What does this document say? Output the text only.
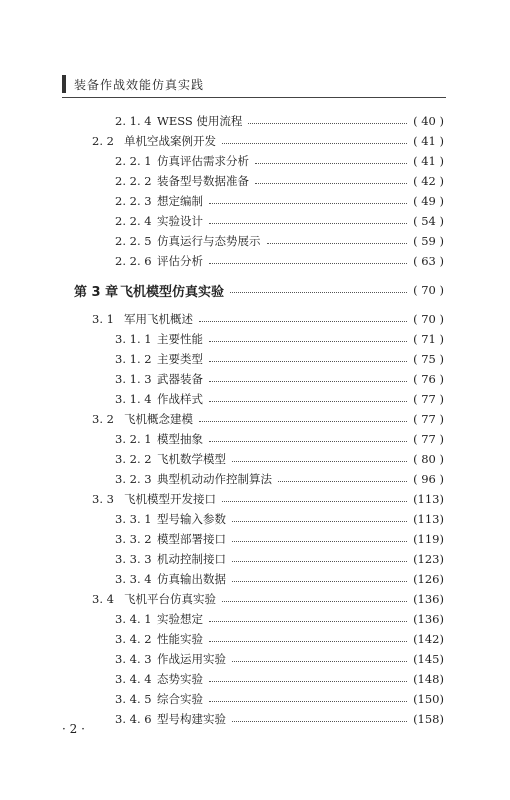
装备作战效能仿真实践
2. 1. 4 WESS 使用流程	( 40 )
2. 2 单机空战案例开发	( 41 )
2. 2. 1 仿真评估需求分析	( 41 )
2. 2. 2 装备型号数据准备	( 42 )
2. 2. 3 想定编制	( 49 )
2. 2. 4 实验设计	( 54 )
2. 2. 5 仿真运行与态势展示	( 59 )
2. 2. 6 评估分析	( 63 )
第 3 章 飞机模型仿真实验	( 70 )
3. 1 军用飞机概述	( 70 )
3. 1. 1 主要性能	( 71 )
3. 1. 2 主要类型	( 75 )
3. 1. 3 武器装备	( 76 )
3. 1. 4 作战样式	( 77 )
3. 2 飞机概念建模	( 77 )
3. 2. 1 模型抽象	( 77 )
3. 2. 2 飞机数学模型	( 80 )
3. 2. 3 典型机动动作控制算法	( 96 )
3. 3 飞机模型开发接口	(113)
3. 3. 1 型号输入参数	(113)
3. 3. 2 模型部署接口	(119)
3. 3. 3 机动控制接口	(123)
3. 3. 4 仿真输出数据	(126)
3. 4 飞机平台仿真实验	(136)
3. 4. 1 实验想定	(136)
3. 4. 2 性能实验	(142)
3. 4. 3 作战运用实验	(145)
3. 4. 4 态势实验	(148)
3. 4. 5 综合实验	(150)
3. 4. 6 型号构建实验	(158)
· 2 ·
